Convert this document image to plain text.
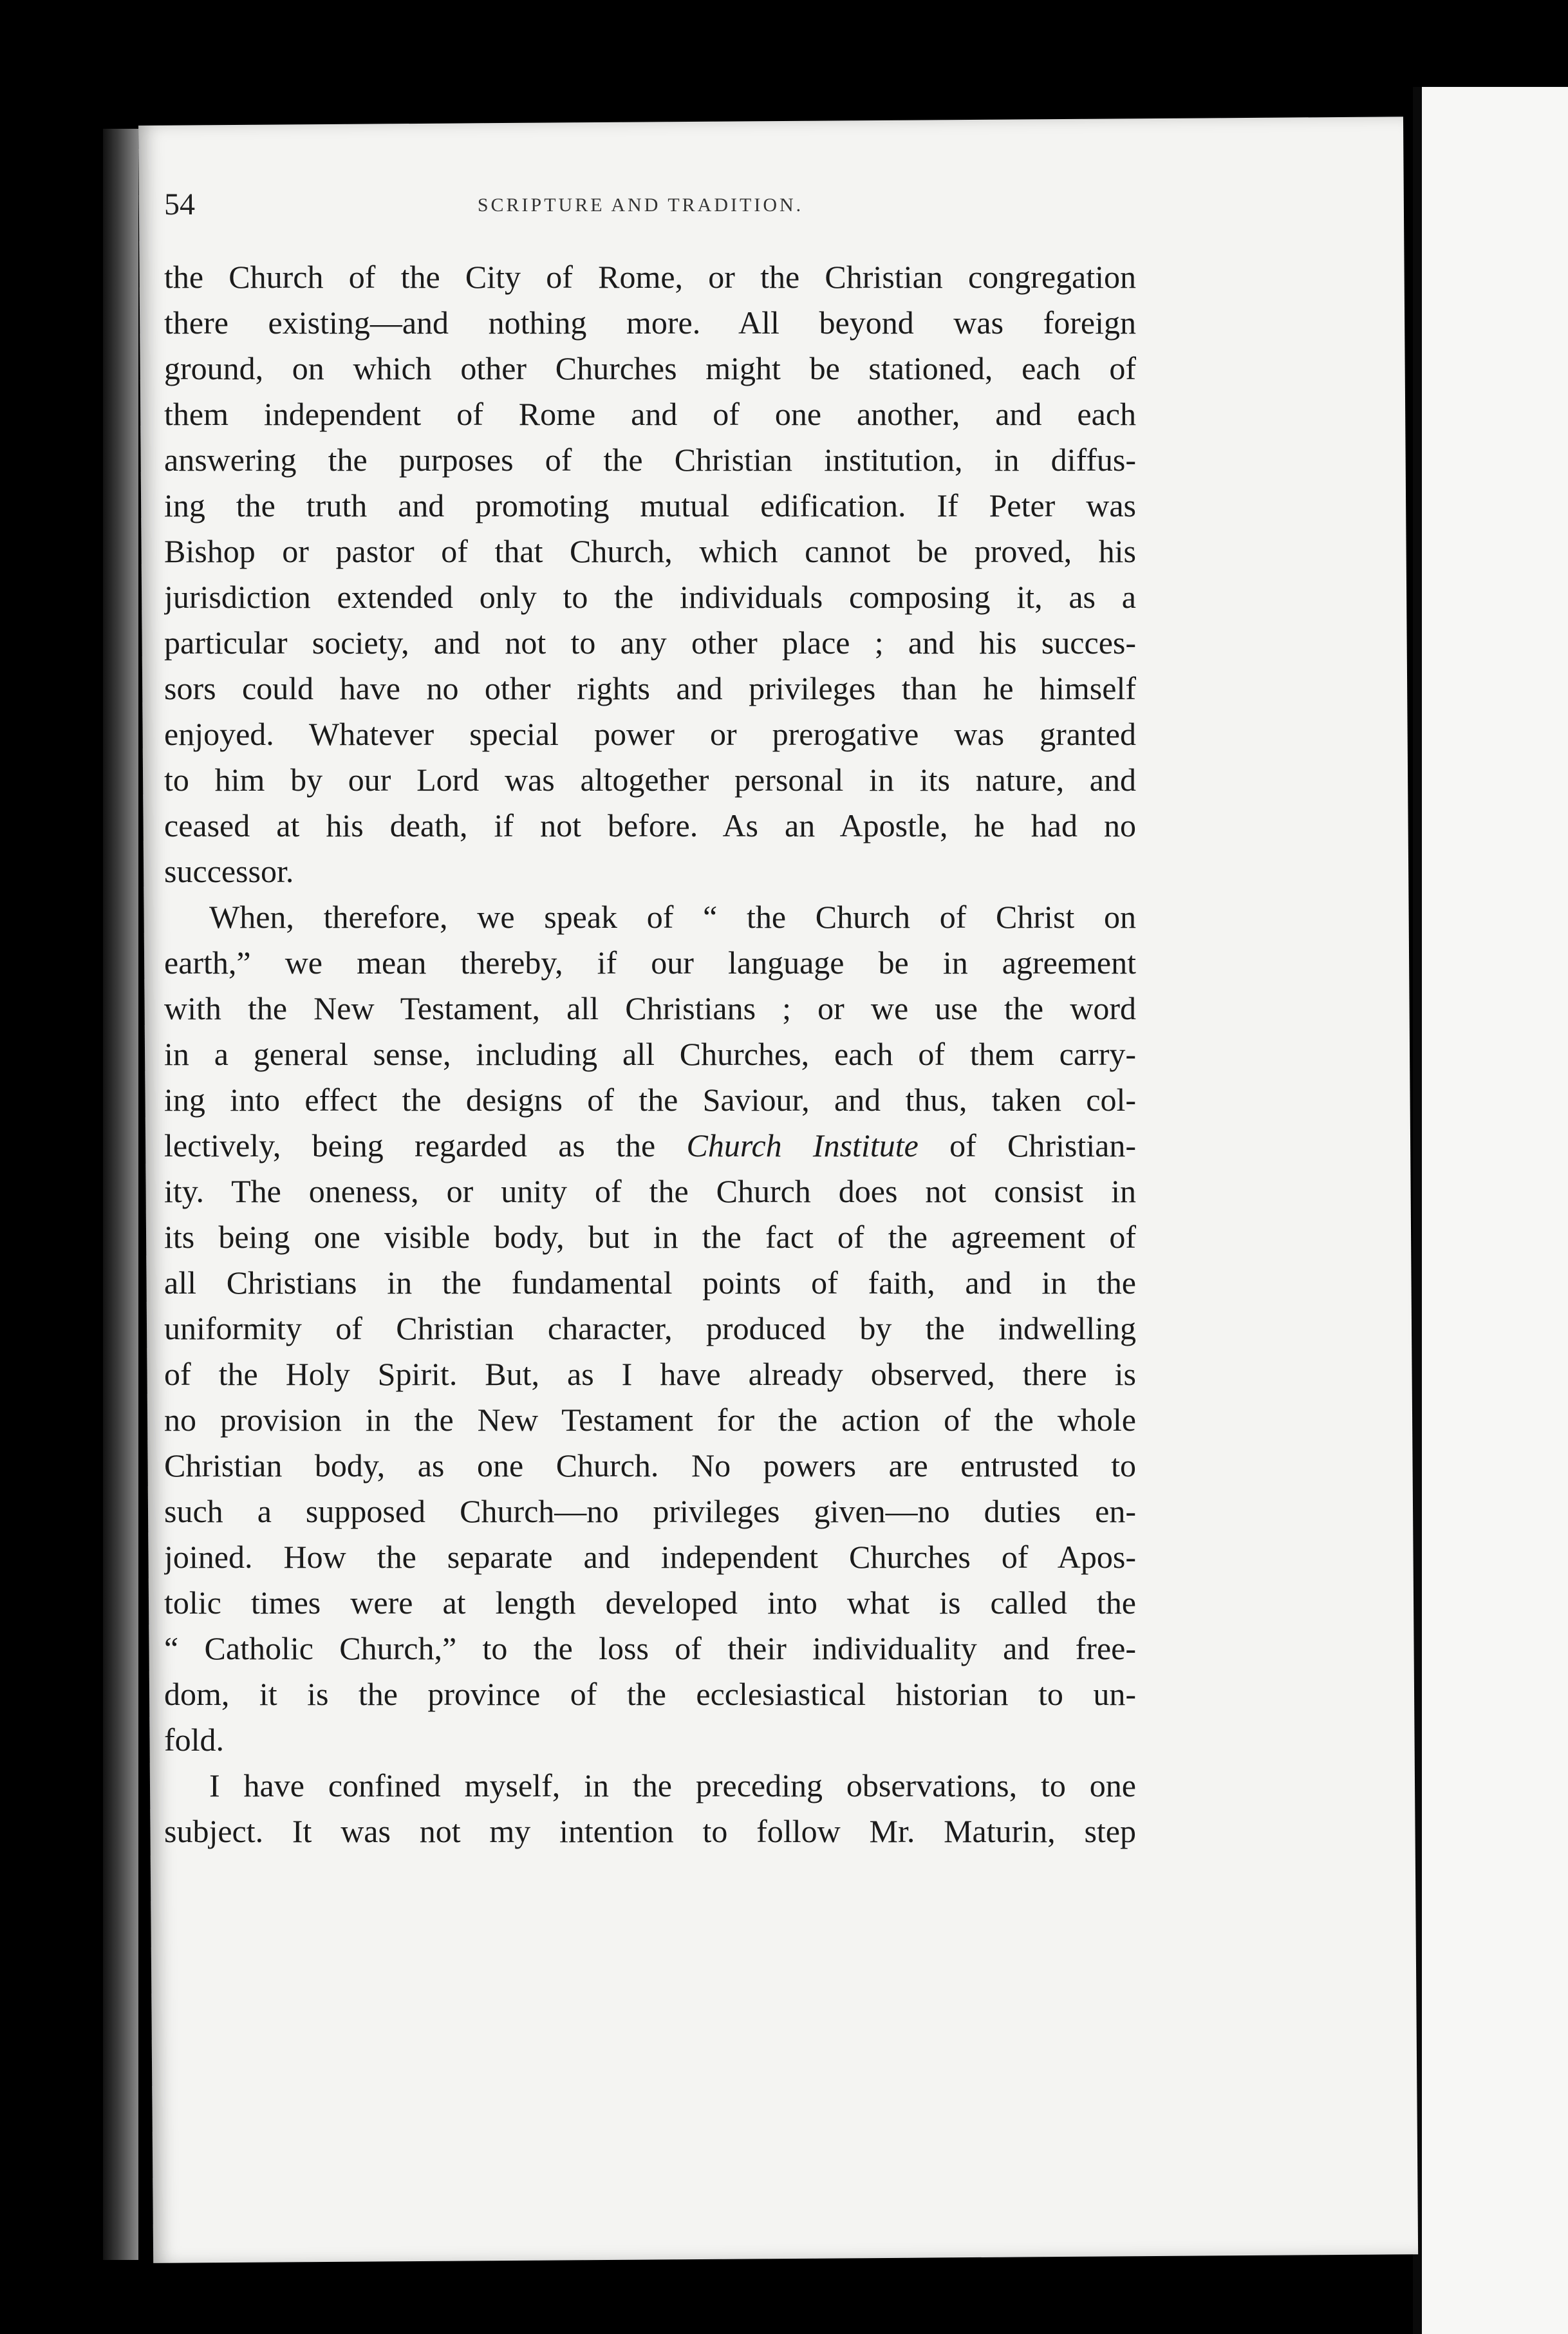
54	SCRIPTURE AND TRADITION.
the Church of the City of Rome, or the Christian congregation
there existing—and nothing more. All beyond was foreign
ground, on which other Churches might be stationed, each of
them independent of Rome and of one another, and each
answering the purposes of the Christian institution, in diffus-
ing the truth and promoting mutual edification. If Peter was
Bishop or pastor of that Church, which cannot be proved, his
jurisdiction extended only to the individuals composing it, as a
particular society, and not to any other place ; and his succes-
sors could have no other rights and privileges than he himself
enjoyed. Whatever special power or prerogative was granted
to him by our Lord was altogether personal in its nature, and
ceased at his death, if not before. As an Apostle, he had no
successor.
When, therefore, we speak of “ the Church of Christ on
earth,” we mean thereby, if our language be in agreement
with the New Testament, all Christians ; or we use the word
in a general sense, including all Churches, each of them carry-
ing into effect the designs of the Saviour, and thus, taken col-
lectively, being regarded as the Church Institute of Christian-
ity. The oneness, or unity of the Church does not consist in
its being one visible body, but in the fact of the agreement of
all Christians in the fundamental points of faith, and in the
uniformity of Christian character, produced by the indwelling
of the Holy Spirit. But, as I have already observed, there is
no provision in the New Testament for the action of the whole
Christian body, as one Church. No powers are entrusted to
such a supposed Church—no privileges given—no duties en-
joined. How the separate and independent Churches of Apos-
tolic times were at length developed into what is called the
“ Catholic Church,” to the loss of their individuality and free-
dom, it is the province of the ecclesiastical historian to un-
fold.
I have confined myself, in the preceding observations, to one
subject. It was not my intention to follow Mr. Maturin, step
